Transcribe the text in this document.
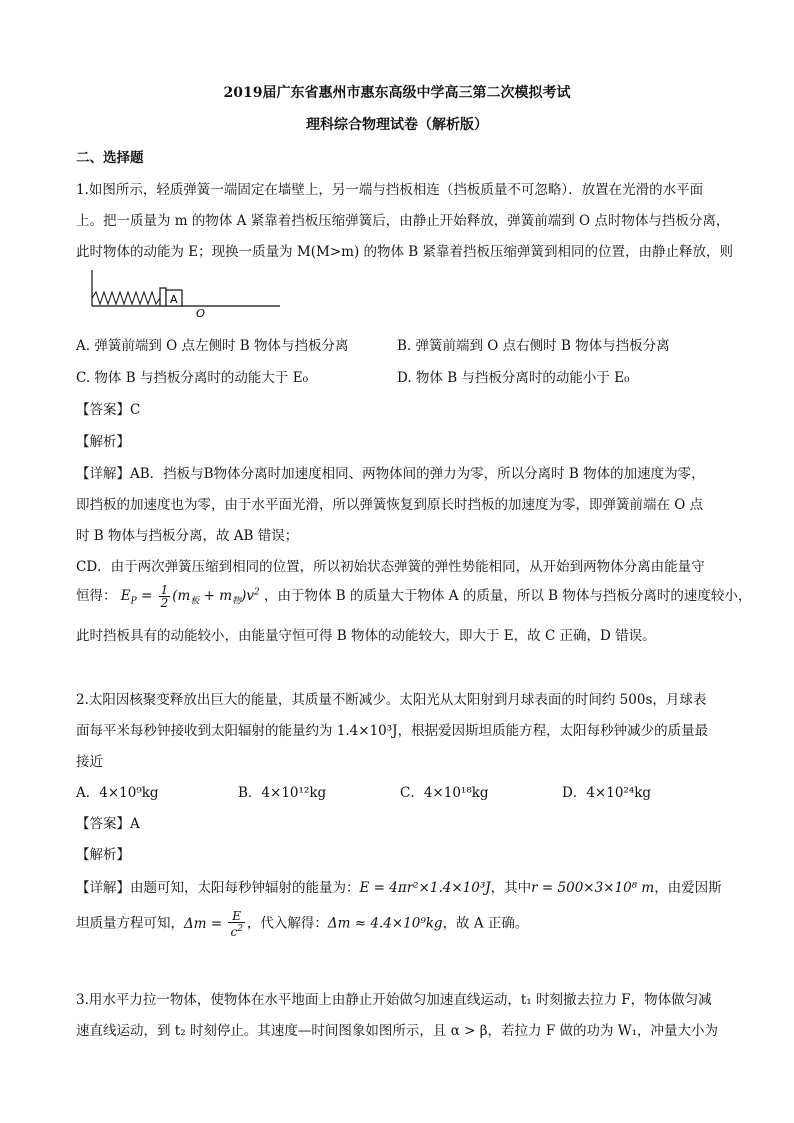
2019届广东省惠州市惠东高级中学高三第二次模拟考试
理科综合物理试卷（解析版）
二、选择题
1.如图所示，轻质弹簧一端固定在墙壁上，另一端与挡板相连（挡板质量不可忽略）．放置在光滑的水平面
上。把一质量为 m 的物体 A 紧靠着挡板压缩弹簧后，由静止开始释放，弹簧前端到 O 点时物体与挡板分离，
此时物体的动能为 E；现换一质量为 M(M>m) 的物体 B 紧靠着挡板压缩弹簧到相同的位置，由静止释放，则
A
O
A. 弹簧前端到 O 点左侧时 B 物体与挡板分离	B. 弹簧前端到 O 点右侧时 B 物体与挡板分离
C. 物体 B 与挡板分离时的动能大于 E₀	D. 物体 B 与挡板分离时的动能小于 E₀
【答案】C
【解析】
【详解】AB．挡板与B物体分离时加速度相同、两物体间的弹力为零，所以分离时 B 物体的加速度为零，
即挡板的加速度也为零，由于水平面光滑，所以弹簧恢复到原长时挡板的加速度为零，即弹簧前端在 O 点
时 B 物体与挡板分离，故 AB 错误；
CD．由于两次弹簧压缩到相同的位置，所以初始状态弹簧的弹性势能相同，从开始到两物体分离由能量守
恒得： $E_P = \frac{1}{2} (m_板 + m_物)v^2$ ，由于物体 B 的质量大于物体 A 的质量，所以 B 物体与挡板分离时的速度较小，
此时挡板具有的动能较小，由能量守恒可得 B 物体的动能较大，即大于 E，故 C 正确，D 错误。
2.太阳因核聚变释放出巨大的能量，其质量不断减少。太阳光从太阳射到月球表面的时间约 500s，月球表
面每平米每秒钟接收到太阳辐射的能量约为 1.4×10³J，根据爱因斯坦质能方程，太阳每秒钟减少的质量最
接近
A．4×10⁹kg	B．4×10¹²kg	C．4×10¹⁸kg	D．4×10²⁴kg
【答案】A
【解析】
【详解】由题可知，太阳每秒钟辐射的能量为：E = 4πr²×1.4×10³J，其中r = 500×3×10⁸ m，由爱因斯
坦质量方程可知，$\Delta m = \frac{E}{c^2}$ ，代入解得：Δm ≈ 4.4×10⁹kg，故 A 正确。
3.用水平力拉一物体，使物体在水平地面上由静止开始做匀加速直线运动，t₁ 时刻撤去拉力 F，物体做匀减
速直线运动，到 t₂ 时刻停止。其速度—时间图象如图所示，且 α > β，若拉力 F 做的功为 W₁，冲量大小为
